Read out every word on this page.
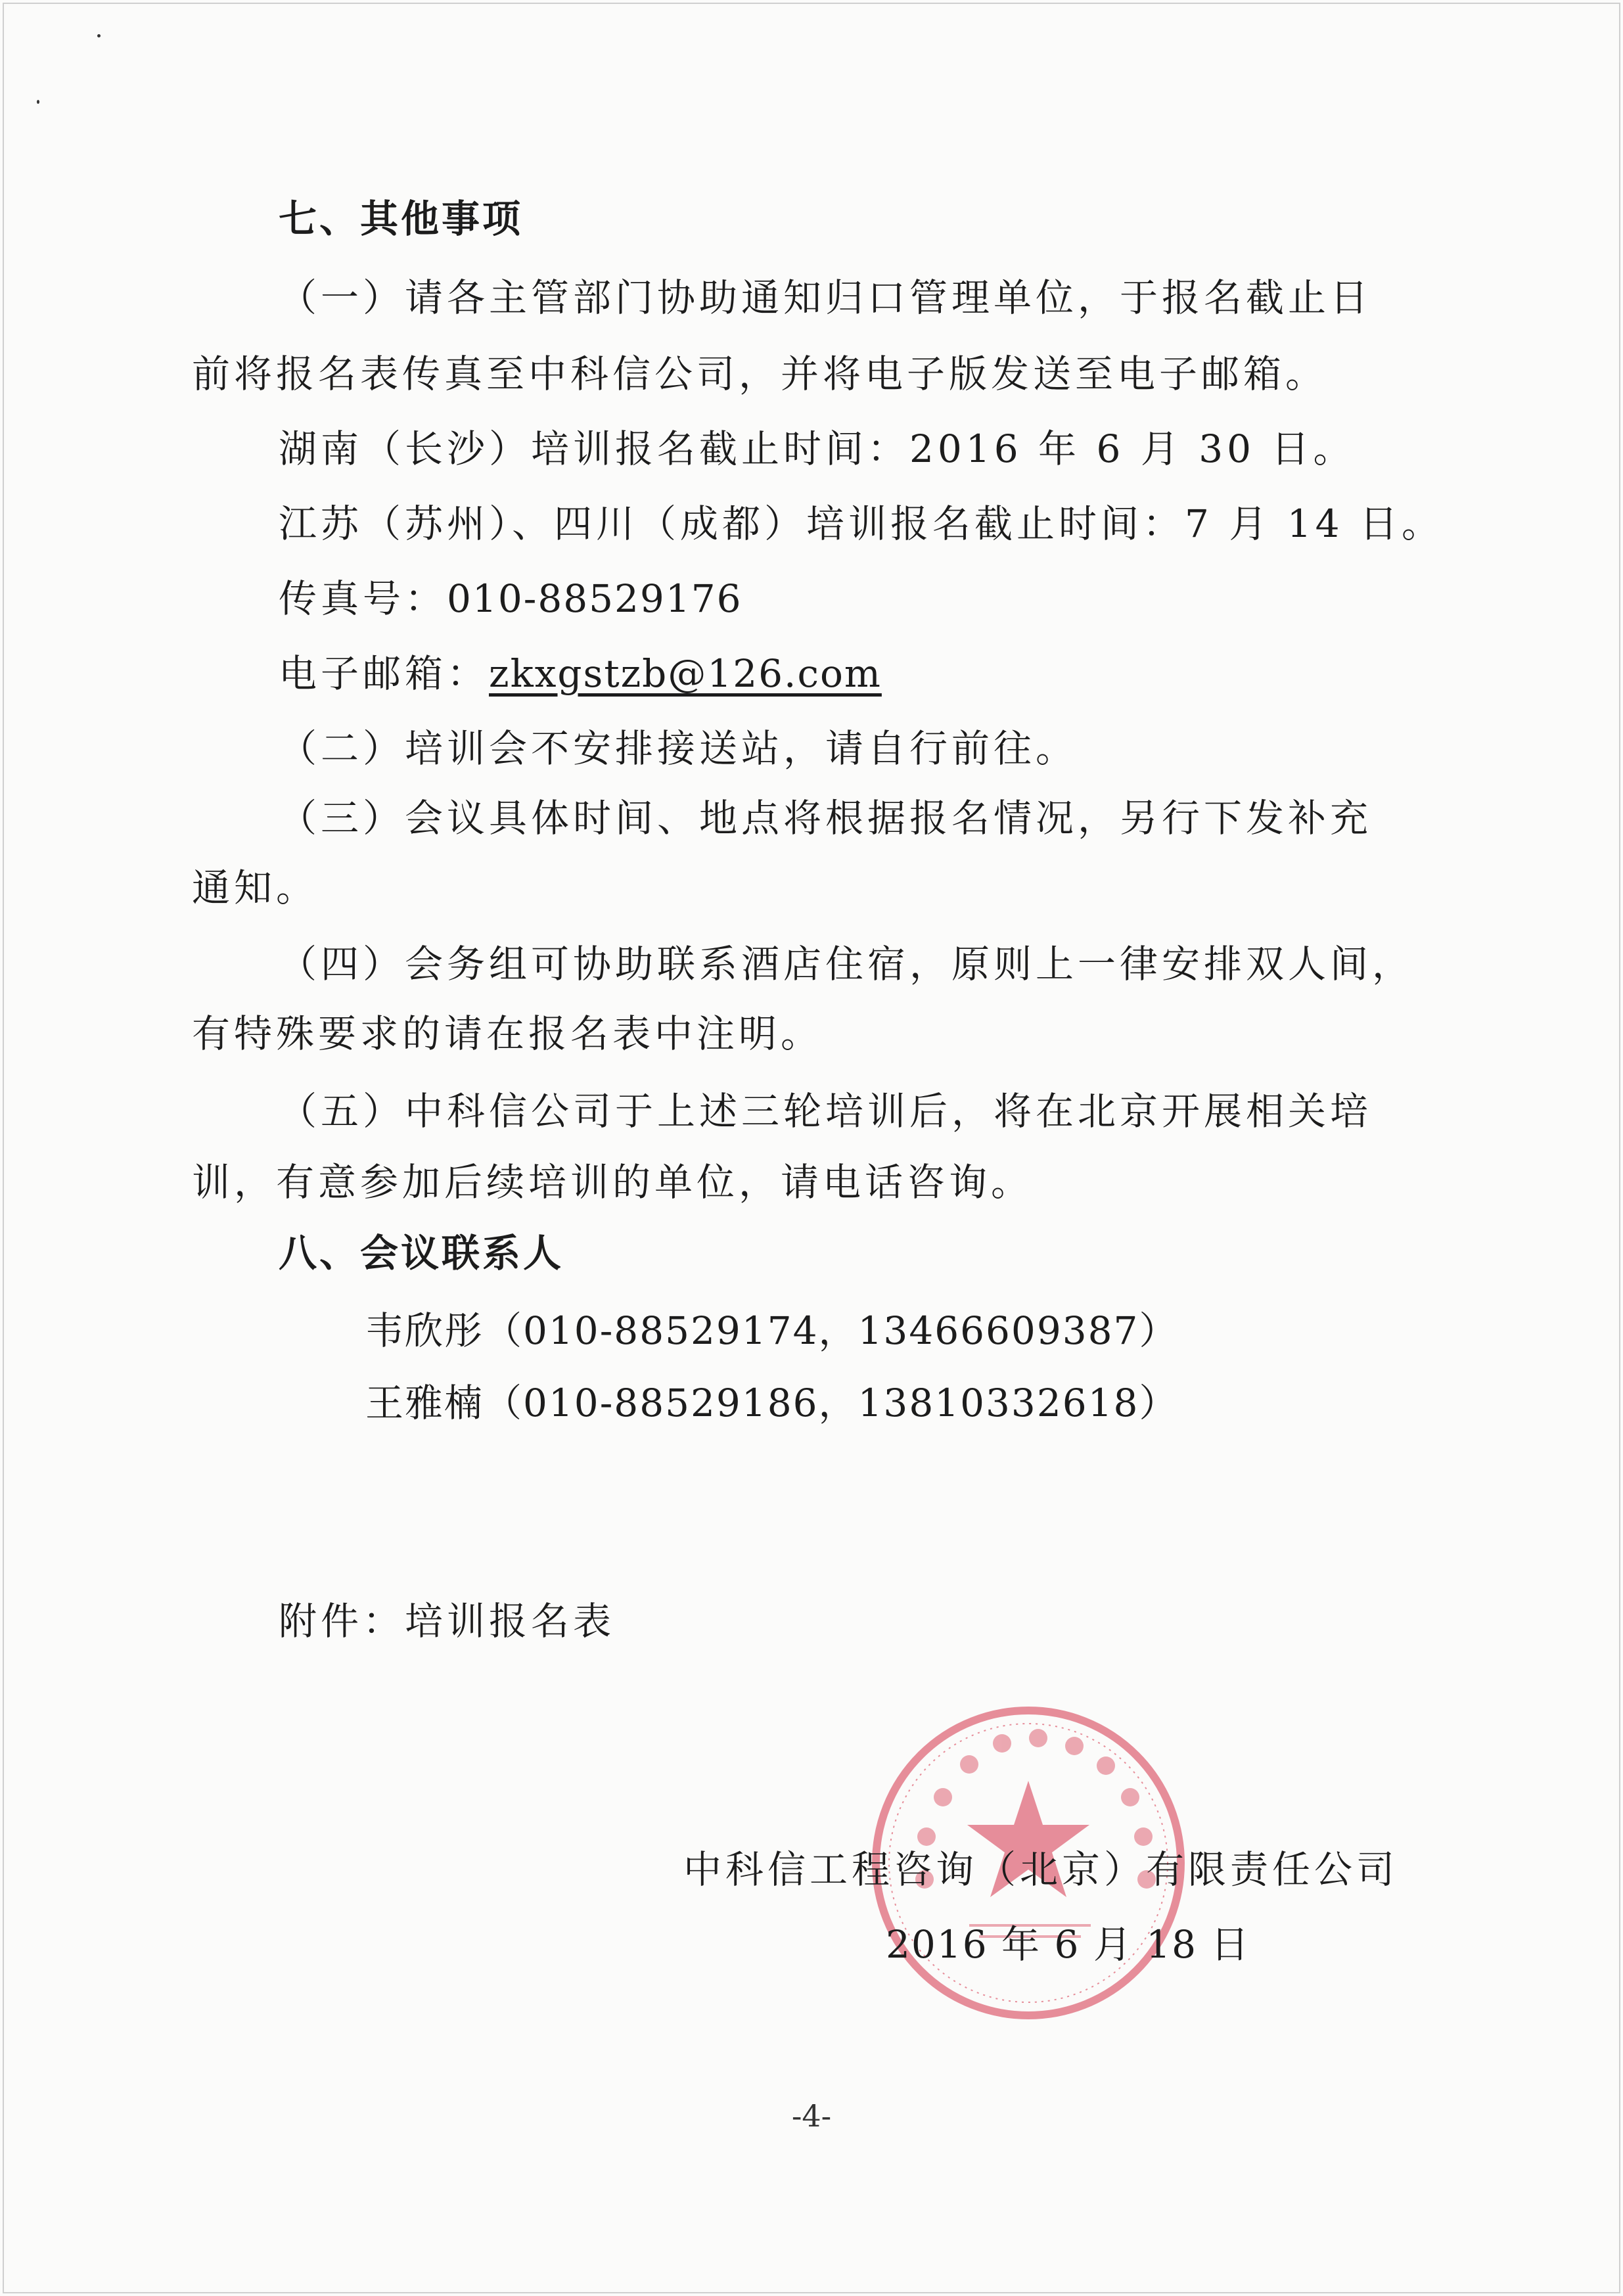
七、其他事项
（一）请各主管部门协助通知归口管理单位，于报名截止日
前将报名表传真至中科信公司，并将电子版发送至电子邮箱。
湖南（长沙）培训报名截止时间：2016 年 6 月 30 日。
江苏（苏州）、四川（成都）培训报名截止时间：7 月 14 日。
传真号：010-88529176
电子邮箱：zkxgstzb@126.com
（二）培训会不安排接送站，请自行前往。
（三）会议具体时间、地点将根据报名情况，另行下发补充
通知。
（四）会务组可协助联系酒店住宿，原则上一律安排双人间，
有特殊要求的请在报名表中注明。
（五）中科信公司于上述三轮培训后，将在北京开展相关培
训，有意参加后续培训的单位，请电话咨询。
八、会议联系人
韦欣彤（010-88529174，13466609387）
王雅楠（010-88529186，13810332618）
附件：培训报名表
中科信工程咨询（北京）有限责任公司
2016 年 6 月 18 日
-4-
